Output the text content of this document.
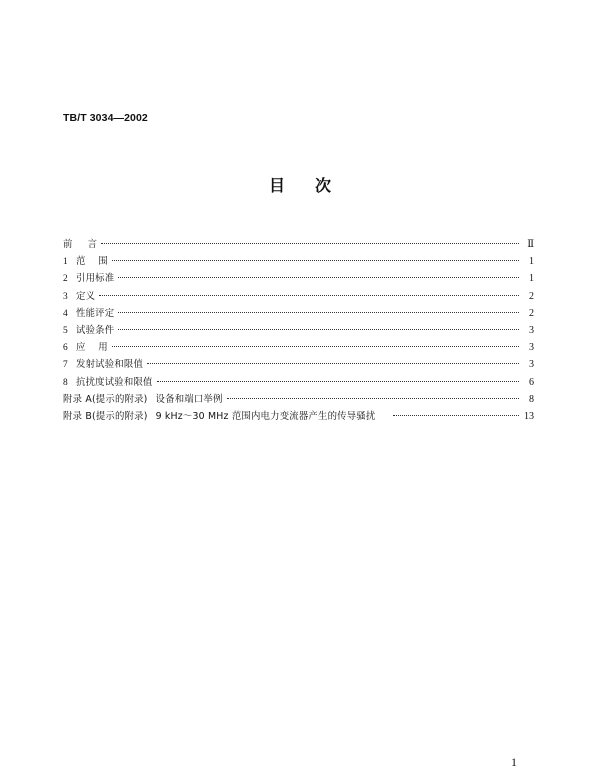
TB/T 3034—2002
目 次
前 言	Ⅱ
1 范    围	1
2 引用标准	1
3 定义	2
4 性能评定	2
5 试验条件	3
6 应    用	3
7 发射试验和限值	3
8 抗扰度试验和限值	6
附录 A(提示的附录) 设备和端口举例	8
附录 B(提示的附录) 9 kHz～30 MHz 范围内电力变流器产生的传导骚扰	13
1
